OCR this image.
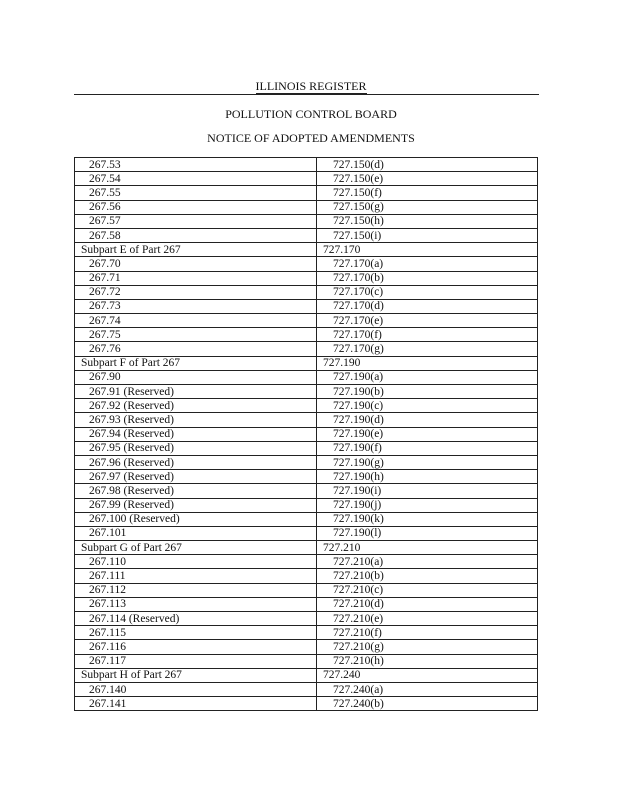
ILLINOIS REGISTER
POLLUTION CONTROL BOARD
NOTICE OF ADOPTED AMENDMENTS
267.53	727.150(d)
267.54	727.150(e)
267.55	727.150(f)
267.56	727.150(g)
267.57	727.150(h)
267.58	727.150(i)
Subpart E of Part 267	727.170
267.70	727.170(a)
267.71	727.170(b)
267.72	727.170(c)
267.73	727.170(d)
267.74	727.170(e)
267.75	727.170(f)
267.76	727.170(g)
Subpart F of Part 267	727.190
267.90	727.190(a)
267.91 (Reserved)	727.190(b)
267.92 (Reserved)	727.190(c)
267.93 (Reserved)	727.190(d)
267.94 (Reserved)	727.190(e)
267.95 (Reserved)	727.190(f)
267.96 (Reserved)	727.190(g)
267.97 (Reserved)	727.190(h)
267.98 (Reserved)	727.190(i)
267.99 (Reserved)	727.190(j)
267.100 (Reserved)	727.190(k)
267.101	727.190(l)
Subpart G of Part 267	727.210
267.110	727.210(a)
267.111	727.210(b)
267.112	727.210(c)
267.113	727.210(d)
267.114 (Reserved)	727.210(e)
267.115	727.210(f)
267.116	727.210(g)
267.117	727.210(h)
Subpart H of Part 267	727.240
267.140	727.240(a)
267.141	727.240(b)
